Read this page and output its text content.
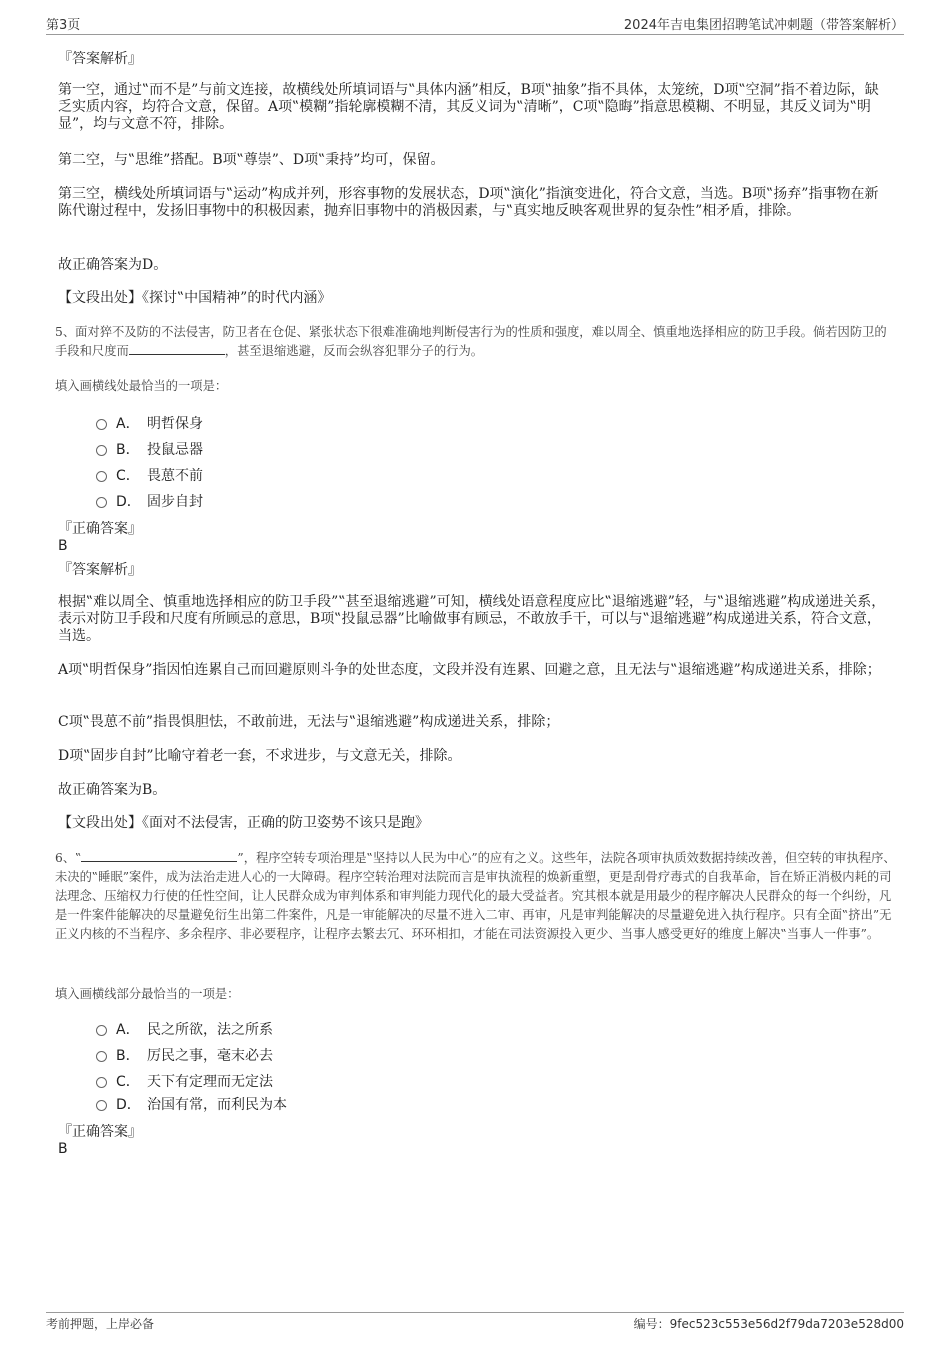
第3页	2024年吉电集团招聘笔试冲刺题（带答案解析）
『答案解析』
第一空，通过‟而不是”与前文连接，故横线处所填词语与‟具体内涵”相反，B项‟抽象”指不具体，太笼统，D项‟空洞”指不着边际，缺乏实质内容，均符合文意，保留。A项‟模糊”指轮廓模糊不清，其反义词为‟清晰”，C项‟隐晦”指意思模糊、不明显，其反义词为‟明显”，均与文意不符，排除。
第二空，与‟思维”搭配。B项‟尊崇”、D项‟秉持”均可，保留。
第三空，横线处所填词语与‟运动”构成并列，形容事物的发展状态，D项‟演化”指演变进化，符合文意，当选。B项‟扬弃”指事物在新陈代谢过程中，发扬旧事物中的积极因素，抛弃旧事物中的消极因素，与‟真实地反映客观世界的复杂性”相矛盾，排除。
故正确答案为D。
【文段出处】《探讨‟中国精神”的时代内涵》
5、面对猝不及防的不法侵害，防卫者在仓促、紧张状态下很难准确地判断侵害行为的性质和强度，难以周全、慎重地选择相应的防卫手段。倘若因防卫的手段和尺度而	，甚至退缩逃避，反而会纵容犯罪分子的行为。
填入画横线处最恰当的一项是：
A． 明哲保身
B． 投鼠忌器
C． 畏葸不前
D． 固步自封
『正确答案』
B
『答案解析』
根据‟难以周全、慎重地选择相应的防卫手段”‟甚至退缩逃避”可知，横线处语意程度应比‟退缩逃避”轻，与‟退缩逃避”构成递进关系，表示对防卫手段和尺度有所顾忌的意思，B项‟投鼠忌器”比喻做事有顾忌，不敢放手干，可以与‟退缩逃避”构成递进关系，符合文意，当选。
A项‟明哲保身”指因怕连累自己而回避原则斗争的处世态度，文段并没有连累、回避之意，且无法与‟退缩逃避”构成递进关系，排除；
C项‟畏葸不前”指畏惧胆怯，不敢前进，无法与‟退缩逃避”构成递进关系，排除；
D项‟固步自封”比喻守着老一套，不求进步，与文意无关，排除。
故正确答案为B。
【文段出处】《面对不法侵害，正确的防卫姿势不该只是跑》
6、‟	”，程序空转专项治理是‟坚持以人民为中心”的应有之义。这些年，法院各项审执质效数据持续改善，但空转的审执程序、未决的‟睡眠”案件，成为法治走进人心的一大障碍。程序空转治理对法院而言是审执流程的焕新重塑，更是刮骨疗毒式的自我革命，旨在矫正消极内耗的司法理念、压缩权力行使的任性空间，让人民群众成为审判体系和审判能力现代化的最大受益者。究其根本就是用最少的程序解决人民群众的每一个纠纷，凡是一件案件能解决的尽量避免衍生出第二件案件，凡是一审能解决的尽量不进入二审、再审，凡是审判能解决的尽量避免进入执行程序。只有全面‟挤出”无正义内核的不当程序、多余程序、非必要程序，让程序去繁去冗、环环相扣，才能在司法资源投入更少、当事人感受更好的维度上解决‟当事人一件事”。
填入画横线部分最恰当的一项是：
A． 民之所欲，法之所系
B． 厉民之事，毫末必去
C． 天下有定理而无定法
D． 治国有常，而利民为本
『正确答案』
B
考前押题，上岸必备	编号：9fec523c553e56d2f79da7203e528d00
